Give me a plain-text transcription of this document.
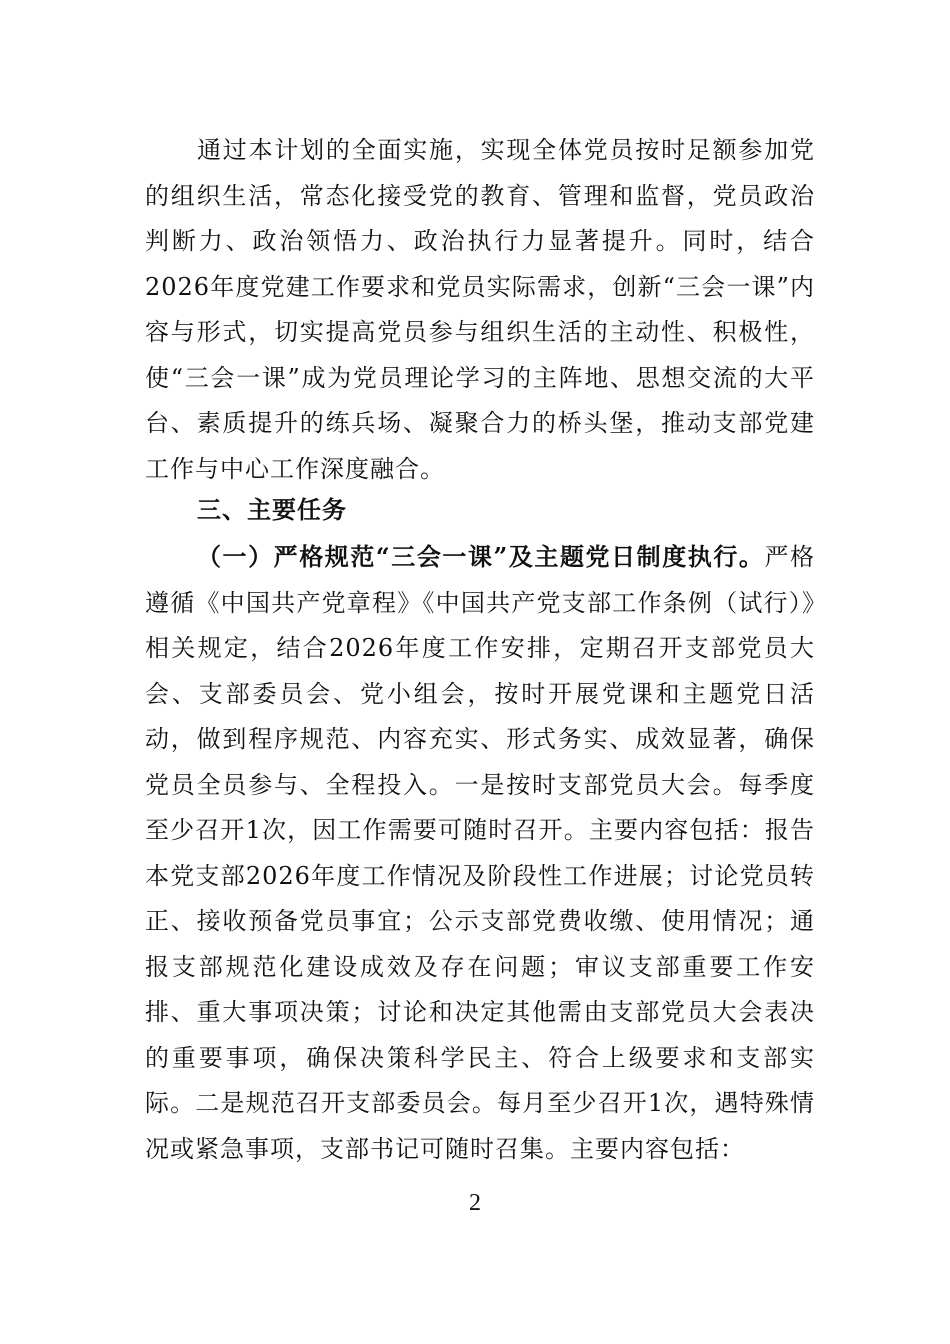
通过本计划的全面实施，实现全体党员按时足额参加党的组织生活，常态化接受党的教育、管理和监督，党员政治判断力、政治领悟力、政治执行力显著提升。同时，结合2026年度党建工作要求和党员实际需求，创新“三会一课”内容与形式，切实提高党员参与组织生活的主动性、积极性，使“三会一课”成为党员理论学习的主阵地、思想交流的大平台、素质提升的练兵场、凝聚合力的桥头堡，推动支部党建工作与中心工作深度融合。

三、主要任务

（一）严格规范“三会一课”及主题党日制度执行。严格遵循《中国共产党章程》《中国共产党支部工作条例（试行）》相关规定，结合2026年度工作安排，定期召开支部党员大会、支部委员会、党小组会，按时开展党课和主题党日活动，做到程序规范、内容充实、形式务实、成效显著，确保党员全员参与、全程投入。一是按时支部党员大会。每季度至少召开1次，因工作需要可随时召开。主要内容包括：报告本党支部2026年度工作情况及阶段性工作进展；讨论党员转正、接收预备党员事宜；公示支部党费收缴、使用情况；通报支部规范化建设成效及存在问题；审议支部重要工作安排、重大事项决策；讨论和决定其他需由支部党员大会表决的重要事项，确保决策科学民主、符合上级要求和支部实际。二是规范召开支部委员会。每月至少召开1次，遇特殊情况或紧急事项，支部书记可随时召集。主要内容包括：

2
